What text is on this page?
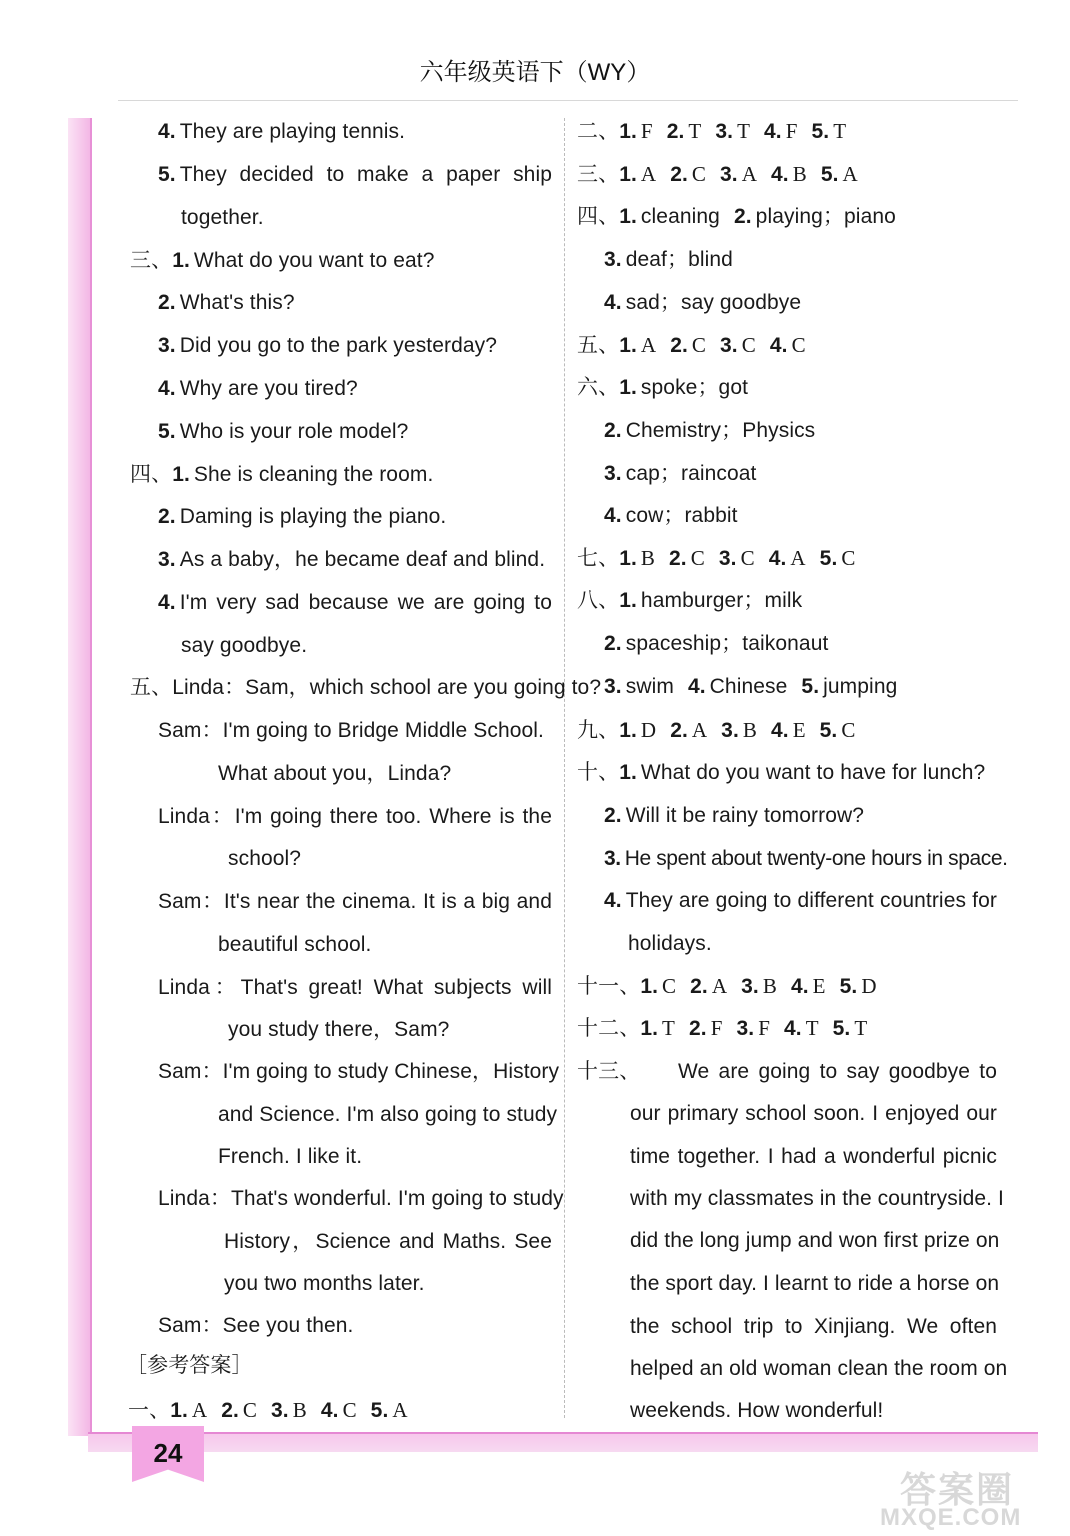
六年级英语下（WY）
4. They are playing tennis.
5. They decided to make a paper ship
together.
三、1. What do you want to eat?
2. What's this?
3. Did you go to the park yesterday?
4. Why are you tired?
5. Who is your role model?
四、1. She is cleaning the room.
2. Daming is playing the piano.
3. As a baby，he became deaf and blind.
4. I'm very sad because we are going to
say goodbye.
五、Linda：Sam，which school are you going to?
Sam：I'm going to Bridge Middle School.
What about you，Linda?
Linda：I'm going there too. Where is the
school?
Sam：It's near the cinema. It is a big and
beautiful school.
Linda：That's great! What subjects will
you study there，Sam?
Sam：I'm going to study Chinese，History
and Science. I'm also going to study
French. I like it.
Linda：That's wonderful. I'm going to study
History，Science and Maths. See
you two months later.
Sam：See you then.
［参考答案］
一、1. A 2. C 3. B 4. C 5. A
二、1. F 2. T 3. T 4. F 5. T
三、1. A 2. C 3. A 4. B 5. A
四、1. cleaning 2. playing；piano
3. deaf；blind
4. sad；say goodbye
五、1. A 2. C 3. C 4. C
六、1. spoke；got
2. Chemistry；Physics
3. cap；raincoat
4. cow；rabbit
七、1. B 2. C 3. C 4. A 5. C
八、1. hamburger；milk
2. spaceship；taikonaut
3. swim 4. Chinese 5. jumping
九、1. D 2. A 3. B 4. E 5. C
十、1. What do you want to have for lunch?
2. Will it be rainy tomorrow?
3. He spent about twenty-one hours in space.
4. They are going to different countries for
holidays.
十一、1. C 2. A 3. B 4. E 5. D
十二、1. T 2. F 3. F 4. T 5. T
十三、 We are going to say goodbye to
our primary school soon. I enjoyed our
time together. I had a wonderful picnic
with my classmates in the countryside. I
did the long jump and won first prize on
the sport day. I learnt to ride a horse on
the school trip to Xinjiang. We often
helped an old woman clean the room on
weekends. How wonderful!
24
答案圈
MXQE.COM
